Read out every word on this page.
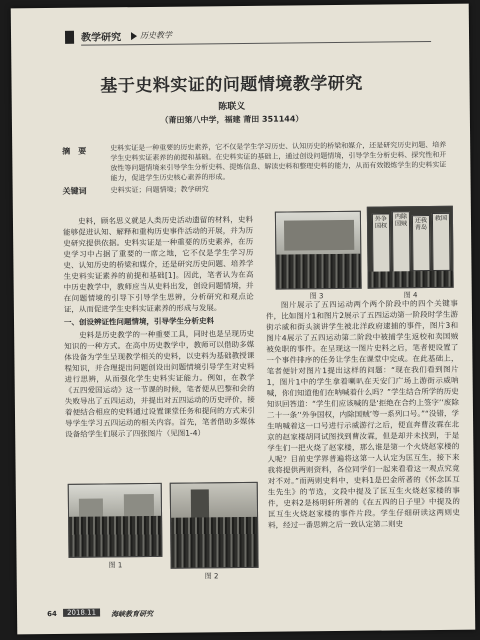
教学研究 历史教学
基于史料实证的问题情境教学研究
陈联义
（莆田第八中学，福建 莆田 351144）
摘　要	史料实证是一种重要的历史素养，它不仅是学生学习历史、认知历史的桥梁和媒介，还是研究历史问题、培养学生史料实证素养的前提和基础。在史料实证的基础上，通过创设问题情境，引导学生分析史料、探究性和开放性等问题情境来引导学生分析史料、提炼信息、解读史料和整理史料的能力，从而有效锻炼学生的史料实证能力，促进学生历史核心素养的形成。
关键词	史料实证；问题情境；教学研究

史料，顾名思义就是人类历史活动遗留的材料，史料能够促进认知、解释和重构历史事件活动的开展，并为历史研究提供依据。史料实证是一种重要的历史素养，在历史学习中占据了重要的一席之地，它不仅是学生学习历史、认知历史的桥梁和媒介，还是研究历史问题、培养学生史料实证素养的前提和基础[1]。因此，笔者认为在高中历史教学中，教师应当从史料出发，创设问题情境，并在问题情境的引导下引导学生思辨，分析研究和观点论证，从而促进学生史料实证素养的形成与发展。

一、创设辨证性问题情境，引导学生分析史料

史料是历史教学的一种重要工具，同时也是呈现历史知识的一种方式。在高中历史教学中，教师可以借助多媒体设备为学生呈现教学相关的史料，以史料为基础教授课程知识，并合理提出问题创设出问题情境引导学生对史料进行思辨，从而强化学生史料实证能力。例如，在教学《五四爱国运动》这一节课的时候，笔者便从巴黎和会的失败导出了五四运动，并提出对五四运动的历史评价，接着便结合相应的史料通过设置课堂任务和提问的方式来引导学生学习五四运动的相关内容。首先，笔者借助多媒体设备给学生们展示了四张图片（见图1-4）

图 1
图 2
图 3
外争国权
内除国贼	还我青岛
救国
图 4

图片展示了五四运动两个两个阶段中的四个关键事件，比如图片1和图片2展示了五四运动第一阶段时学生游街示威和街头演讲学生被北洋政府逮捕的事件，图片3和图片4展示了五四运动第二阶段中被捕学生返校和卖国贼被免职的事件。在呈现这一图片史料之后，笔者便设置了一个事件排序的任务让学生在课堂中完成。在此基础上，笔者便针对图片1提出这样的问题：“现在我们看到图片1，图片1中的学生拿着喇叭在天安门广场上游街示威呐喊，你们知道他们在呐喊着什么吗？”学生结合所学的历史知识回答道：“学生们应该喊的是‘拒绝在合约上签字’‘废除二十一条’‘外争国权，内除国贼’等一系列口号。”“没错，学生呐喊着这一口号进行示威游行之后，便直奔曹汝霖在北京的赵家楼胡同试图找到曹汝霖，但是却并未找到，于是学生们一把火烧了赵家楼，那么谁是第一个火烧赵家楼的人呢？目前史学界普遍将这第一人认定为匡互生，接下来我将提供两则资料，各位同学们一起来看看这一观点究竟对不对。”而两则史料中，史料1是巴金所著的《怀念匡互生先生》的节选，文段中提及了匡互生火烧赵家楼的事件，史料2是杨明轩所著的《在五四的日子里》中提及的匡互生火烧赵家楼的事件片段。学生仔细研读这两则史料，经过一番思辨之后一致认定第二则史

64	2018.11	海峡教育研究
